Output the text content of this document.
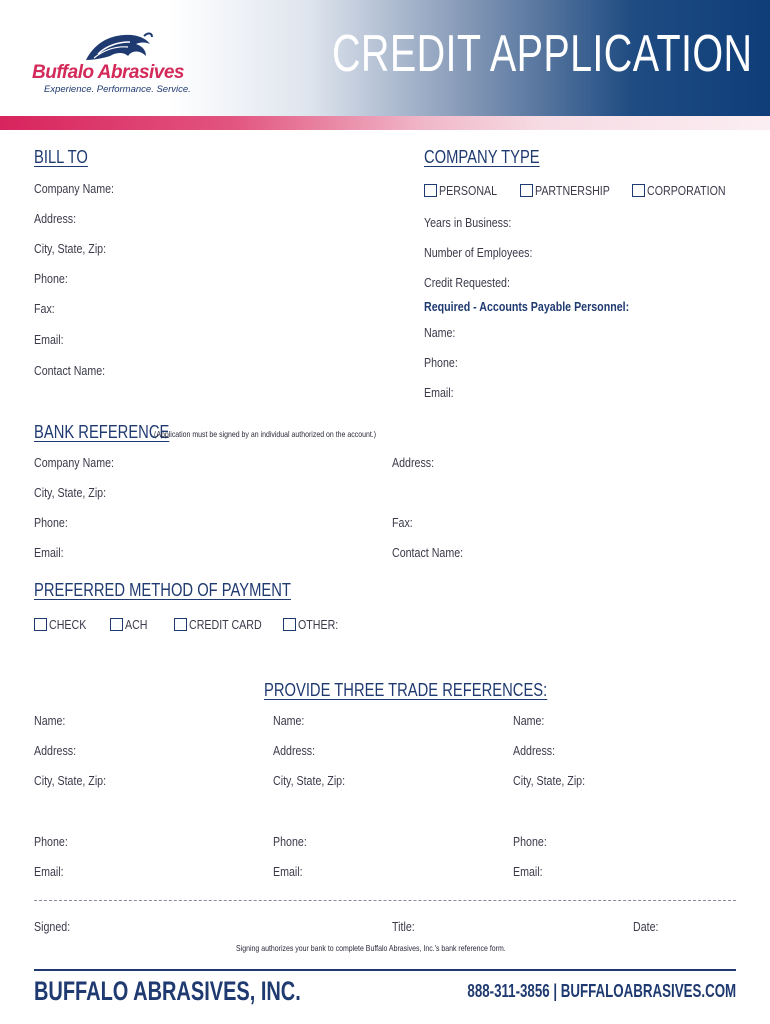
Buffalo Abrasives
Experience. Performance. Service.
CREDIT APPLICATION
BILL TO
Company Name:
Address:
City, State, Zip:
Phone:
Fax:
Email:
Contact Name:
COMPANY TYPE
PERSONAL	PARTNERSHIP	CORPORATION
Years in Business:
Number of Employees:
Credit Requested:
Required - Accounts Payable Personnel:
Name:
Phone:
Email:
BANK REFERENCE
(Application must be signed by an individual authorized on the account.)
Company Name:	Address:
City, State, Zip:
Phone:	Fax:
Email:	Contact Name:
PREFERRED METHOD OF PAYMENT
CHECK	ACH	CREDIT CARD	OTHER:
PROVIDE THREE TRADE REFERENCES:
Name:
Address:
City, State, Zip:
Phone:
Email:
Name:
Address:
City, State, Zip:
Phone:
Email:
Name:
Address:
City, State, Zip:
Phone:
Email:
Signed:	Title:	Date:
Signing authorizes your bank to complete Buffalo Abrasives, Inc.'s bank reference form.
BUFFALO ABRASIVES, INC.	888-311-3856 | BUFFALOABRASIVES.COM
